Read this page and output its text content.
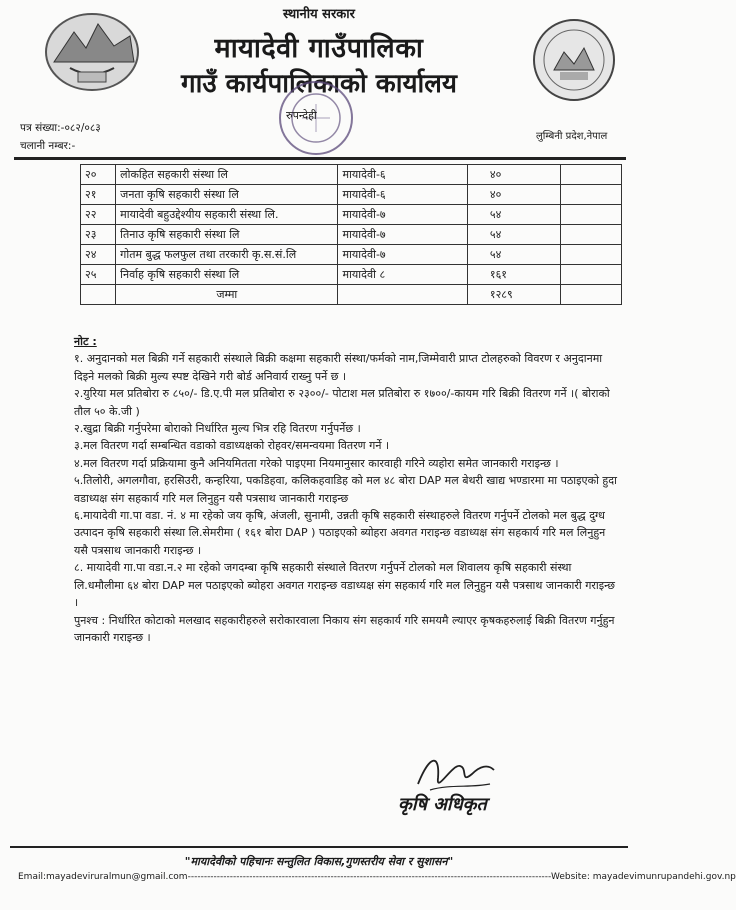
स्थानीय सरकार
मायादेवी गाउँपालिका
गाउँ कार्यपालिकाको कार्यालय
रुपन्देही
पत्र संख्या:-०८२/०८३
चलानी नम्बर:-
लुम्बिनी प्रदेश,नेपाल
२०	लोकहित सहकारी संस्था लि	मायादेवी-६	४०	
२१	जनता कृषि सहकारी संस्था लि	मायादेवी-६	४०	
२२	मायादेवी बहुउद्देश्यीय सहकारी संस्था लि.	मायादेवी-७	५४	
२३	तिनाउ कृषि सहकारी संस्था लि	मायादेवी-७	५४	
२४	गोतम बुद्ध फलफुल तथा तरकारी कृ.स.सं.लि	मायादेवी-७	५४	
२५	निर्वाह कृषि सहकारी संस्था लि	मायादेवी ८	१६१	
	जम्मा		१२८९	

नोट :

१. अनुदानको मल बिक्री गर्ने सहकारी संस्थाले बिक्री कक्षमा सहकारी संस्था/फर्मको नाम,जिम्मेवारी प्राप्त टोलहरुको विवरण र अनुदानमा दिइने मलको बिक्री मुल्य स्पष्ट देखिने गरी बोर्ड अनिवार्य राख्नु पर्ने छ ।

२.युरिया मल प्रतिबोरा रु ८५०/- डि.ए.पी मल प्रतिबोरा रु २३००/- पोटाश मल प्रतिबोरा रु १७००/-कायम गरि बिक्री वितरण गर्ने ।( बोराको तौल ५० के.जी )

२.खुद्रा बिक्री गर्नुपरेमा बोराको निर्धारित मुल्य भित्र रहि वितरण गर्नुपर्नेछ ।

३.मल वितरण गर्दा सम्बन्धित वडाको वडाध्यक्षको रोहवर/समन्वयमा वितरण गर्ने ।

४.मल वितरण गर्दा प्रक्रियामा कुनै अनियमितता गरेको पाइएमा नियमानुसार कारवाही गरिने व्यहोरा समेत जानकारी गराइन्छ ।

५.तिलोरी, अगलगौवा, हरसिउरी, कन्हरिया, पकडिहवा, कलिकहवाडिह को मल ४८ बोरा DAP मल बेथरी खाद्य भण्डारमा मा पठाइएको हुदा वडाध्यक्ष संग सहकार्य गरि मल लिनुहुन यसै पत्रसाथ जानकारी गराइन्छ

६.मायादेवी गा.पा वडा. नं. ४ मा रहेको जय कृषि, अंजली, सुनामी, उन्नती कृषि सहकारी संस्थाहरुले वितरण गर्नुपर्ने टोलको मल बुद्ध दुग्ध उत्पादन कृषि सहकारी संस्था लि.सेमरीमा ( १६१ बोरा DAP ) पठाइएको ब्योहरा अवगत गराइन्छ वडाध्यक्ष संग सहकार्य गरि मल लिनुहुन यसै पत्रसाथ जानकारी गराइन्छ ।

८. मायादेवी गा.पा वडा.न.२ मा रहेको जगदम्बा कृषि सहकारी संस्थाले वितरण गर्नुपर्ने टोलको मल शिवालय कृषि सहकारी संस्था लि.धमौलीमा ६४ बोरा DAP मल पठाइएको ब्योहरा अवगत गराइन्छ वडाध्यक्ष संग सहकार्य गरि मल लिनुहुन यसै पत्रसाथ जानकारी गराइन्छ ।

पुनश्च : निर्धारित कोटाको मलखाद सहकारीहरुले सरोकारवाला निकाय संग सहकार्य गरि समयमै ल्याएर कृषकहरुलाई बिक्री वितरण गर्नुहुन जानकारी गराइन्छ ।

कृषि अधिकृत
"मायादेवीको पहिचानः सन्तुलित विकास,गुणस्तरीय सेवा र सुशासन"
Email:mayadeviruralmun@gmail.com----------------------------------------------------------------------------------------------------------------Website: mayadevimunrupandehi.gov.np
